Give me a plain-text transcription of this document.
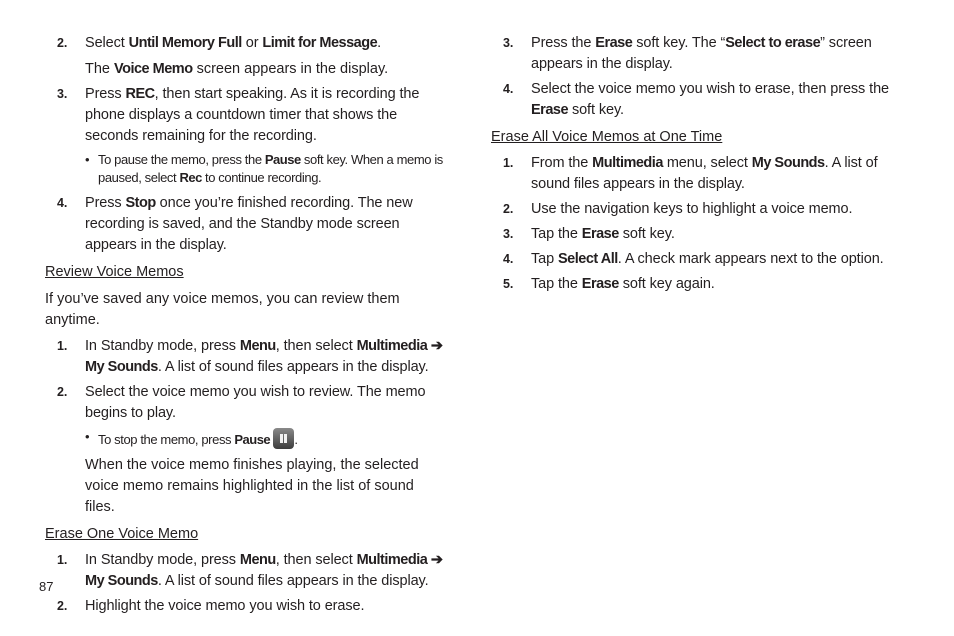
2.	Select Until Memory Full or Limit for Message.
The Voice Memo screen appears in the display.
3.	Press REC, then start speaking. As it is recording the phone displays a countdown timer that shows the seconds remaining for the recording.
• To pause the memo, press the Pause soft key. When a memo is paused, select Rec to continue recording.
4.	Press Stop once you’re finished recording. The new recording is saved, and the Standby mode screen appears in the display.
Review Voice Memos
If you’ve saved any voice memos, you can review them anytime.
1.	In Standby mode, press Menu, then select Multimedia ➔ My Sounds. A list of sound files appears in the display.
2.	Select the voice memo you wish to review. The memo begins to play.
• To stop the memo, press Pause .
When the voice memo finishes playing, the selected voice memo remains highlighted in the list of sound files.
Erase One Voice Memo
1.	In Standby mode, press Menu, then select Multimedia ➔ My Sounds. A list of sound files appears in the display.
2.	Highlight the voice memo you wish to erase.
3.	Press the Erase soft key. The “Select to erase” screen appears in the display.
4.	Select the voice memo you wish to erase, then press the Erase soft key.
Erase All Voice Memos at One Time
1.	From the Multimedia menu, select My Sounds. A list of sound files appears in the display.
2.	Use the navigation keys to highlight a voice memo.
3.	Tap the Erase soft key.
4.	Tap Select All. A check mark appears next to the option.
5.	Tap the Erase soft key again.
87
